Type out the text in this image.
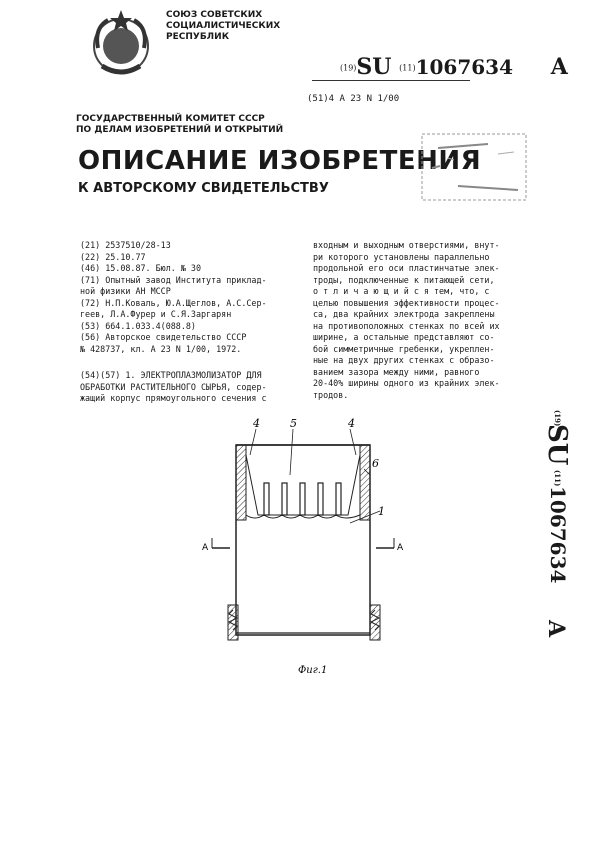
СОЮЗ СОВЕТСКИХ
СОЦИАЛИСТИЧЕСКИХ
РЕСПУБЛИК
(19)SU (11)1067634 A
(51)4 A 23 N 1/00
ГОСУДАРСТВЕННЫЙ КОМИТЕТ СССР
ПО ДЕЛАМ ИЗОБРЕТЕНИЙ И ОТКРЫТИЙ
ОПИСАНИЕ ИЗОБРЕТЕНИЯ
К АВТОРСКОМУ СВИДЕТЕЛЬСТВУ
(21) 2537510/28-13
(22) 25.10.77
(46) 15.08.87. Бюл. № 30
(71) Опытный завод Института приклад-
ной физики АН МССР
(72) Н.П.Коваль, Ю.А.Щеглов, А.С.Сер-
геев, Л.А.Фурер и С.Я.Заргарян
(53) 664.1.033.4(088.8)
(56) Авторское свидетельство СССР
№ 428737, кл. А 23 N 1/00, 1972.
(54)(57) 1. ЭЛЕКТРОПЛАЗМОЛИЗАТОР ДЛЯ
ОБРАБОТКИ РАСТИТЕЛЬНОГО СЫРЬЯ, содер-
жащий корпус прямоугольного сечения с
входным и выходным отверстиями, внут-
ри которого установлены параллельно
продольной его оси пластинчатые элек-
троды, подключенные к питающей сети,
о т л и ч а ю щ и й с я тем, что, с
целью повышения эффективности процес-
са, два крайних электрода закреплены
на противоположных стенках по всей их
ширине, а остальные представляют со-
бой симметричные гребенки, укреплен-
ные на двух других стенках с образо-
ванием зазора между ними, равного
20-40% ширины одного из крайних элек-
тродов.
(19)
SU
(11)
1067634
A
4	5	4
6
1
А	А
Фиг.1
